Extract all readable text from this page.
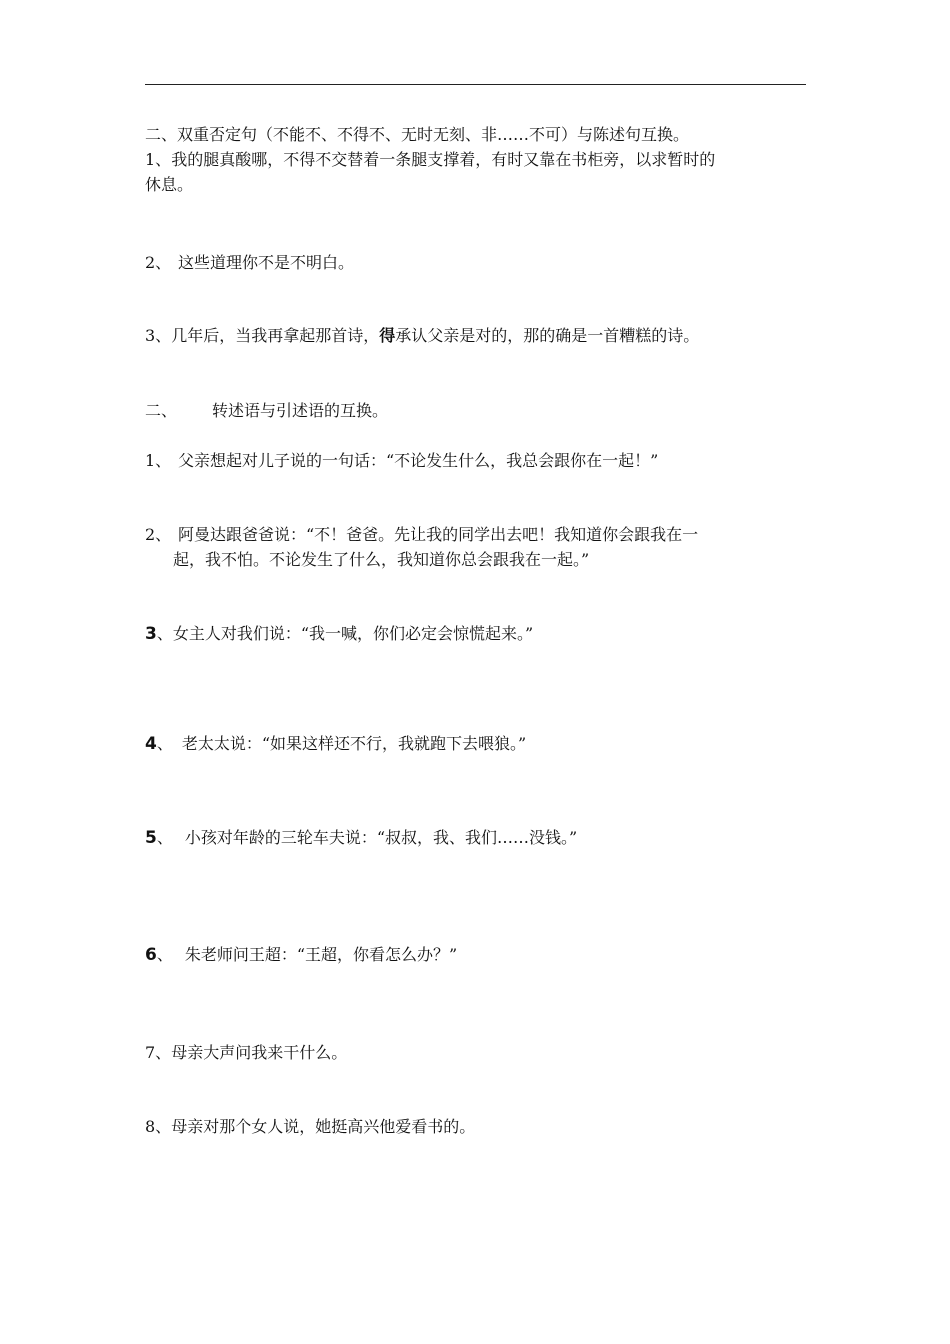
二、双重否定句（不能不、不得不、无时无刻、非……不可）与陈述句互换。
1、我的腿真酸哪，不得不交替着一条腿支撑着，有时又靠在书柜旁，以求暂时的
休息。
2、 这些道理你不是不明白。
3、几年后，当我再拿起那首诗，得承认父亲是对的，那的确是一首糟糕的诗。
二、 转述语与引述语的互换。
1、 父亲想起对儿子说的一句话：“不论发生什么，我总会跟你在一起！”
2、 阿曼达跟爸爸说：“不！爸爸。先让我的同学出去吧！我知道你会跟我在一
起，我不怕。不论发生了什么，我知道你总会跟我在一起。”
3、女主人对我们说：“我一喊，你们必定会惊慌起来。”
4、 老太太说：“如果这样还不行，我就跑下去喂狼。”
5、 小孩对年龄的三轮车夫说：“叔叔，我、我们……没钱。”
6、 朱老师问王超：“王超，你看怎么办？”
7、母亲大声问我来干什么。
8、母亲对那个女人说，她挺高兴他爱看书的。
